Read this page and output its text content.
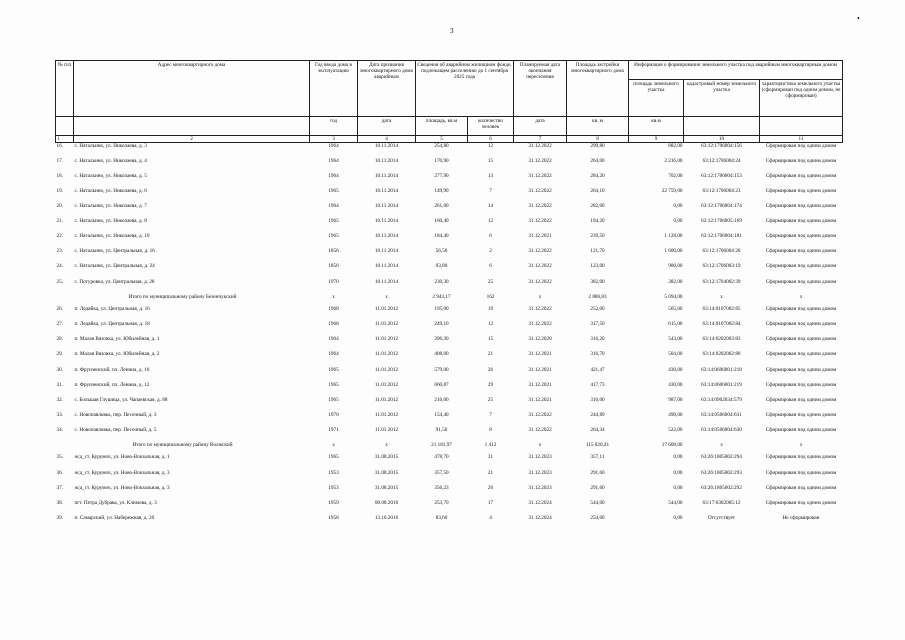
3
•
№ п/п	Адрес многоквартирного дома	Год ввода дома в эксплуатацию	Дата признания многоквартирного дома аварийным	Сведения об аварийном жилищном фонде, подлежащем расселению до 1 сентября 2025 года		Планируемая дата окончания переселения	Площадь застройки многоквартирного дома	Информация о формировании земельного участка под аварийным многоквартирным домом		
								площадь земельного участка	кадастровый номер земельного участка	характеристика земельного участка (сформирован под одним домом, не сформирован)
		год	дата	площадь, кв.м	количество человек	дата	кв. м	кв.м		
1	2	3	4	5	6	7	8	9	10	11
16.	с. Натальино, ул. Николаева, д. 3	1964	10.11.2014	254,80	12	31.12.2022	299,80	882,00	63:12:1706004:156	Сформирован под одним домом
17.	с. Натальино, ул. Николаева, д. 4	1964	10.11.2014	170,90	15	31.12.2022	264,00	2 216,00	63:12:1706004:24	Сформирован под одним домом
18.	с. Натальино, ул. Николаева, д. 5	1964	10.11.2014	277,90	13	31.12.2022	284,20	702,00	63:12:1706004:153	Сформирован под одним домом
19.	с. Натальино, ул. Николаева, д. 6	1965	10.11.2014	149,90	7	31.12.2022	264,10	22 759,00	63:12:1706004:23	Сформирован под одним домом
20.	с. Натальино, ул. Николаева, д. 7	1964	10.11.2014	261,00	14	31.12.2022	282,00	0,00	63:12:1706004:174	Сформирован под одним домом
21.	с. Натальино, ул. Николаева, д. 8	1965	10.11.2014	160,40	12	31.12.2022	194,20	0,00	63:12:1706005:169	Сформирован под одним домом
22.	с. Натальино, ул. Николаева, д. 10	1965	10.11.2014	184,40	6	31.12.2021	239,50	1 128,00	63:12:1706004:181	Сформирован под одним домом
23.	с. Натальино, ул. Центральная, д. 16	1856	10.11.2014	56,50	2	31.12.2022	121,70	1 600,00	63:12:1706004:20	Сформирован под одним домом
24.	с. Натальино, ул. Центральная, д. 24	1856	10.11.2014	93,80	6	31.12.2022	123,00	900,00	63:12:1706003:19	Сформирован под одним домом
25.	с. Потуровка, ул. Центральная, д. 28	1970	10.11.2014	230,30	25	31.12.2022	382,00	382,00	63:12:1704002:39	Сформирован под одним домом
Итого по муниципальному району Безенчукский		х	х	2 943,17	162	х	2 886,83	5 094,00	х	х
26.	п. Ледяйка, ул. Центральная, д. 16	1968	11.01.2012	195,00	19	31.12.2022	252,00	565,00	63:14:0107002:85	Сформирован под одним домом
27.	п. Ледяйка, ул. Центральная, д. 18	1968	11.01.2012	249,10	12	31.12.2022	317,50	615,00	63:14:0107002:84	Сформирован под одним домом
28.	п. Малая Вязовка, ул. Юбилейная, д. 1	1964	11.01.2012	396,30	15	31.12.2020	316,20	543,00	63:14:0202003:83	Сформирован под одним домом
29.	п. Малая Вязовка, ул. Юбилейная, д. 2	1964	11.01.2012	408,00	21	31.12.2021	316,70	504,00	63:14:0202002:80	Сформирован под одним домом
30.	п. Фрунзенский, пл. Ленина, д. 10	1965	11.01.2012	579,00	26	31.12.2021	421,47	430,00	63:14:0606001:218	Сформирован под одним домом
31.	п. Фрунзенский, пл. Ленина, д. 12	1965	11.01.2012	660,87	29	31.12.2021	417,73	430,00	63:14:0606001:219	Сформирован под одним домом
32.	с. Большая Глушица, ул. Чапаевская, д. 88	1965	11.01.2012	216,00	25	31.12.2021	310,00	987,00	63:14:0902034:579	Сформирован под одним домом
33.	с. Новопавловка, пер. Песочный, д. 3	1970	11.01.2012	154,40	7	31.12.2022	244,89	498,00	63:14:0506004:631	Сформирован под одним домом
34.	с. Новопавловка, пер. Песочный, д. 5	1971	11.01.2012	91,50	8	31.12.2022	264,34	522,00	63:14:0506004:630	Сформирован под одним домом
Итого по муниципальному району Волжский		х	х	21 181,97	1 412	х	115 020,41	17 608,00	х	х
35.	ж/д_ст. Курумоч, ул. Ново-Вокзальная, д. 1	1965	31.08.2015	478,70	31	31.12.2023	357,11	0,00	63:26:1805002:294	Сформирован под одним домом
36.	ж/д_ст. Курумоч, ул. Ново-Вокзальная, д. 3	1953	31.08.2015	357,50	21	31.12.2023	291,60	0,00	63:26:1805002:293	Сформирован под одним домом
37.	ж/д_ст. Курумоч, ул. Ново-Вокзальная, д. 3	1953	31.08.2015	356,23	26	31.12.2023	291,60	0,00	63:26:1805002:292	Сформирован под одним домом
38.	пгт. Петра Дубрава, ул. Климова, д. 3	1959	08.08.2016	253,70	17	31.12.2024	544,00	544,00	63:17:0302005:12	Сформирован под одним домом
39.	п. Самарский, ул. Набережная, д. 20	1958	13.10.2016	83,60	4	31.12.2024	254,00	0,00	Отсутствует	Не сформирован
